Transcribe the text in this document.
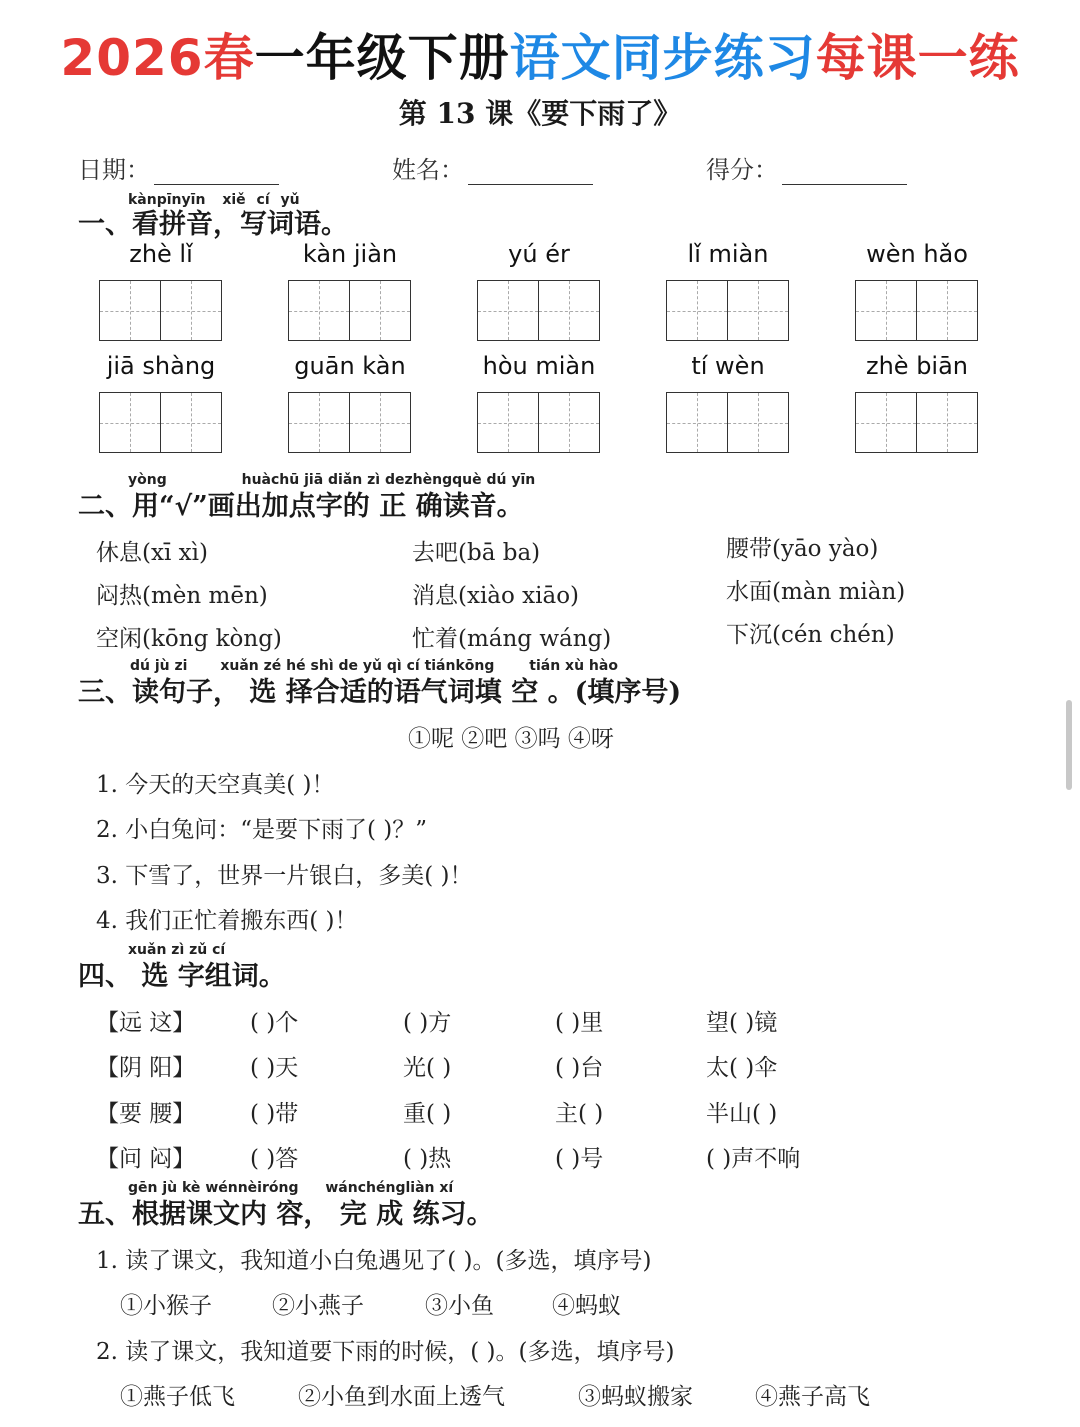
2026春一年级下册语文同步练习每课一练
第 13 课《要下雨了》
日期：	姓名：	得分：
kànpīnyīn xiě cí yǔ
一、看拼音，写词语。
zhè lǐ	kàn jiàn	yú ér	lǐ miàn	wèn hǎo
jiā shàng	guān kàn	hòu miàn	tí wèn	zhè biān
yòng	huàchū jiā diǎn zì dezhèngquè dú yīn
二、用“√”画出加点字的 正 确读音。
休息(xī xì)	去吧(bā ba)	腰带(yāo yào)
闷热(mèn mēn)	消息(xiào xiāo)	水面(màn miàn)
空闲(kōng kòng)	忙着(máng wáng)	下沉(cén chén)
dú jù zi xuǎn zé hé shì de yǔ qì cí tiánkōng tián xù hào
三、读句子， 选 择合适的语气词填 空 。(填序号)
①呢 ②吧 ③吗 ④呀
1. 今天的天空真美( )！
2. 小白兔问：“是要下雨了( )？”
3. 下雪了，世界一片银白，多美( )！
4. 我们正忙着搬东西( )！
xuǎn zì zǔ cí
四、 选 字组词。
【远 这】 ( )个	( )方	( )里	望( )镜
【阴 阳】 ( )天	光( )	( )台	太( )伞
【要 腰】 ( )带	重( )	主( )	半山( )
【问 闷】 ( )答	( )热	( )号	( )声不响
gēn jù kè wénnèiróng wánchéngliàn xí
五、根据课文内 容， 完 成 练习。
1. 读了课文，我知道小白兔遇见了( )。(多选，填序号)
①小猴子	②小燕子	③小鱼	④蚂蚁
2. 读了课文，我知道要下雨的时候，( )。(多选，填序号)
①燕子低飞	②小鱼到水面上透气	③蚂蚁搬家	④燕子高飞
